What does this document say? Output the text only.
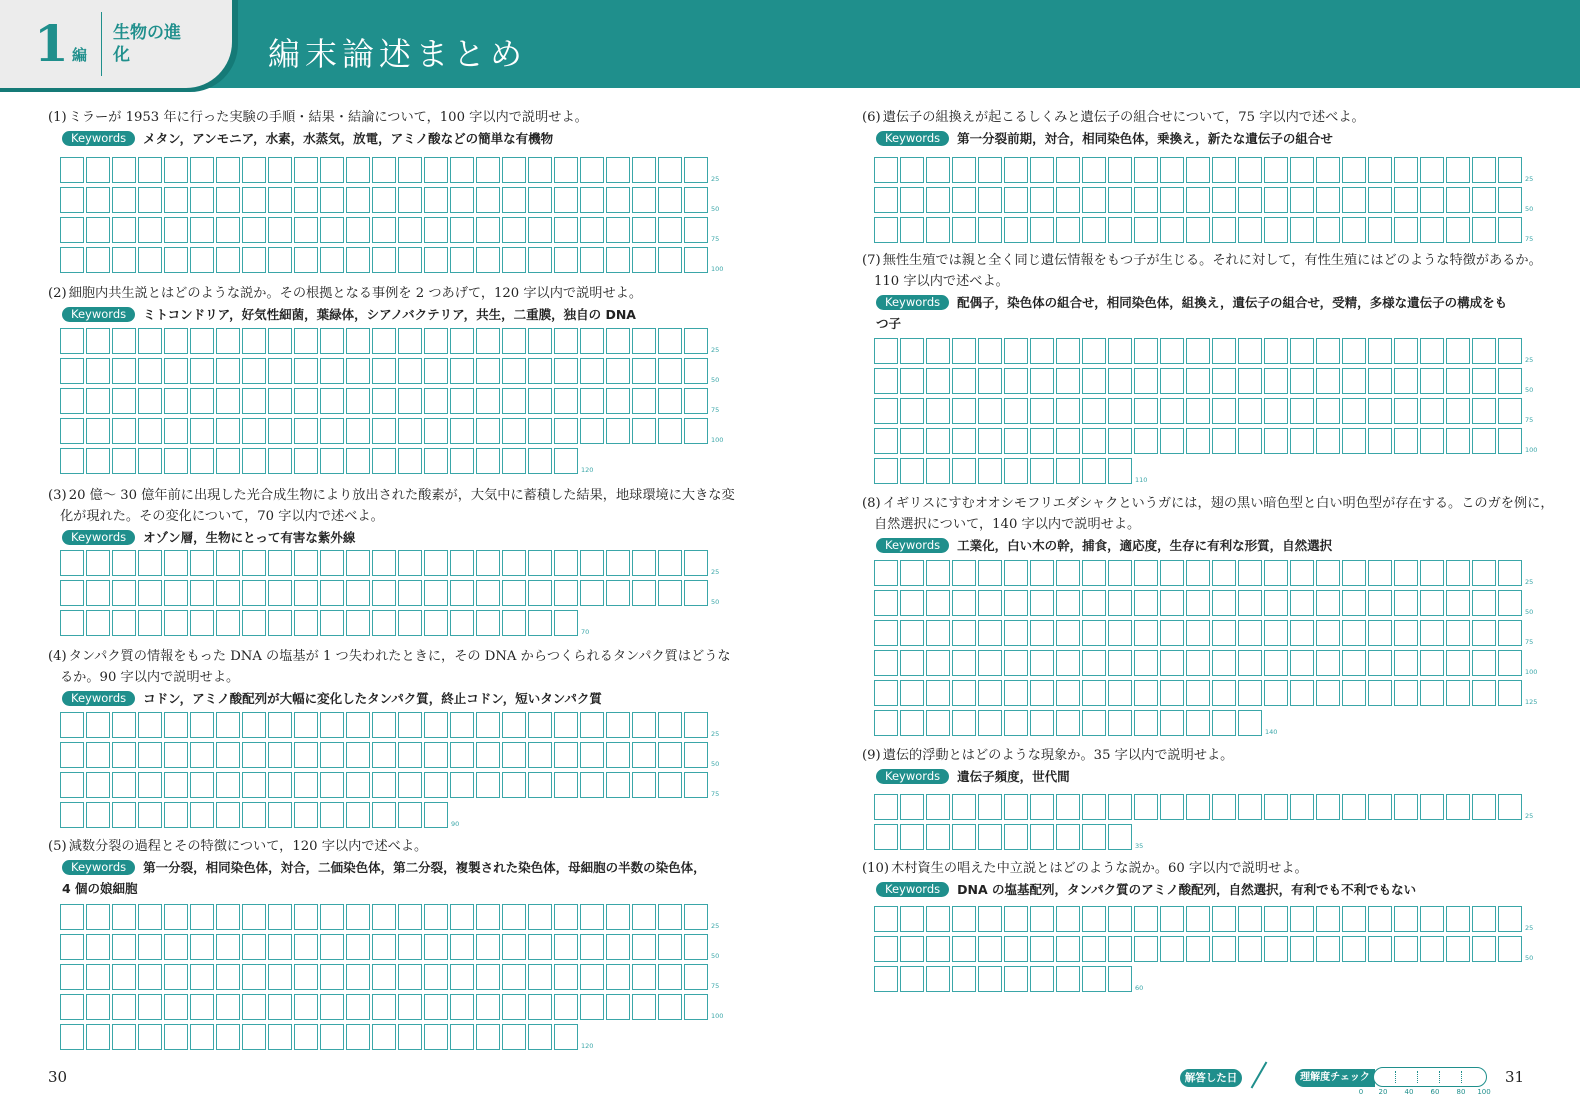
1 編
生物の進化	編末論述まとめ
(1) ミラーが 1953 年に行った実験の手順・結果・結論について，100 字以内で説明せよ。
Keywords メタン，アンモニア，水素，水蒸気，放電，アミノ酸などの簡単な有機物
25
50
75
100
(2) 細胞内共生説とはどのような説か。その根拠となる事例を 2 つあげて，120 字以内で説明せよ。
Keywords ミトコンドリア，好気性細菌，葉緑体，シアノバクテリア，共生，二重膜，独自の DNA
25
50
75
100
120
(3) 20 億～ 30 億年前に出現した光合成生物により放出された酸素が，大気中に蓄積した結果，地球環境に大きな変
化が現れた。その変化について，70 字以内で述べよ。
Keywords オゾン層，生物にとって有害な紫外線
25
50
70
(4) タンパク質の情報をもった DNA の塩基が 1 つ失われたときに，その DNA からつくられるタンパク質はどうな
るか。90 字以内で説明せよ。
Keywords コドン，アミノ酸配列が大幅に変化したタンパク質，終止コドン，短いタンパク質
25
50
75
90
(5) 減数分裂の過程とその特徴について，120 字以内で述べよ。
Keywords 第一分裂，相同染色体，対合，二価染色体，第二分裂，複製された染色体，母細胞の半数の染色体，
4 個の娘細胞
25
50
75
100
120
(6) 遺伝子の組換えが起こるしくみと遺伝子の組合せについて，75 字以内で述べよ。
Keywords 第一分裂前期，対合，相同染色体，乗換え，新たな遺伝子の組合せ
25
50
75
(7) 無性生殖では親と全く同じ遺伝情報をもつ子が生じる。それに対して，有性生殖にはどのような特徴があるか。
110 字以内で述べよ。
Keywords 配偶子，染色体の組合せ，相同染色体，組換え，遺伝子の組合せ，受精，多様な遺伝子の構成をも
つ子
25
50
75
100
110
(8) イギリスにすむオオシモフリエダシャクというガには，翅の黒い暗色型と白い明色型が存在する。このガを例に，
自然選択について，140 字以内で説明せよ。
Keywords 工業化，白い木の幹，捕食，適応度，生存に有利な形質，自然選択
25
50
75
100
125
140
(9) 遺伝的浮動とはどのような現象か。35 字以内で説明せよ。
Keywords 遺伝子頻度，世代間
25
35
(10) 木村資生の唱えた中立説とはどのような説か。60 字以内で説明せよ。
Keywords DNA の塩基配列，タンパク質のアミノ酸配列，自然選択，有利でも不利でもない
25
50
60
30	31
解答した日	理解度チェック
0 20 40 60 80 100
